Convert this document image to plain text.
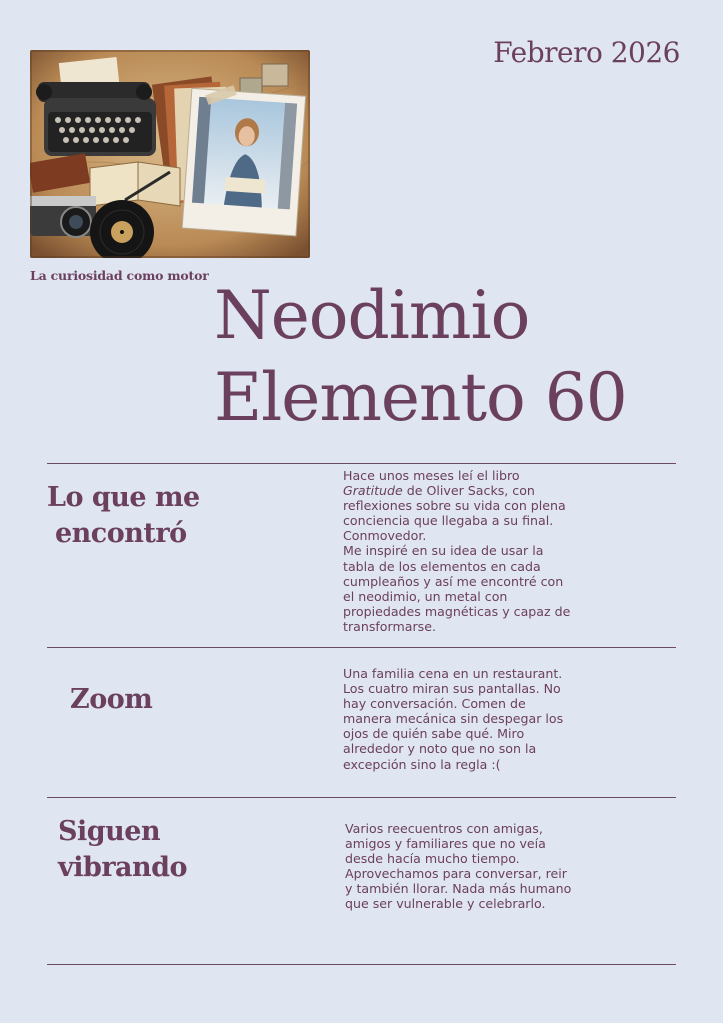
La curiosidad como motor
Febrero 2026
Neodimio
Elemento 60
Lo que me
encontró

Hace unos meses leí el libro Gratitude de Oliver Sacks, con reflexiones sobre su vida con plena conciencia que llegaba a su final. Conmovedor.

Me inspiré en su idea de usar la tabla de los elementos en cada cumpleaños y así me encontré con el neodimio, un metal con propiedades magnéticas y capaz de transformarse.

Zoom

Una familia cena en un restaurant. Los cuatro miran sus pantallas. No hay conversación. Comen de manera mecánica sin despegar los ojos de quién sabe qué. Miro alrededor y noto que no son la excepción sino la regla :(

Siguen
vibrando

Varios reecuentros con amigas, amigos y familiares que no veía desde hacía mucho tiempo. Aprovechamos para conversar, reir y también llorar. Nada más humano que ser vulnerable y celebrarlo.
